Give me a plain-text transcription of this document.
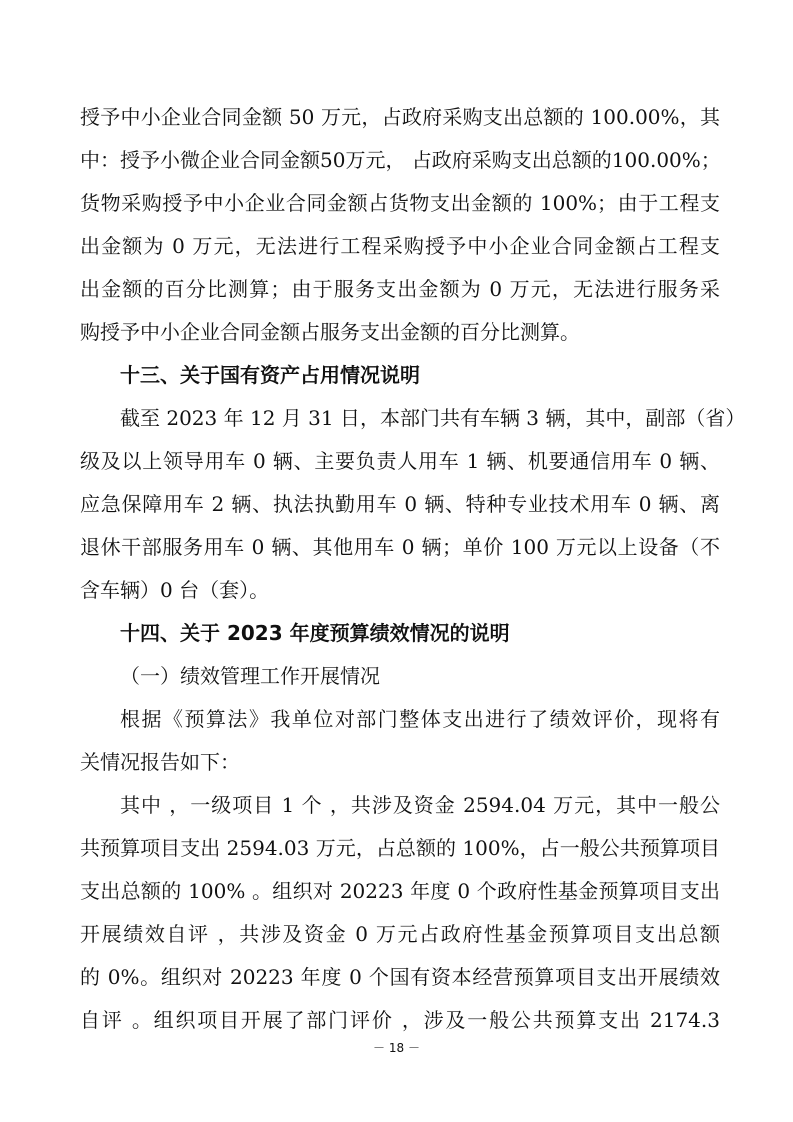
授予中小企业合同金额 50 万元，占政府采购支出总额的 100.00%，其
中：授予小微企业合同金额50万元， 占政府采购支出总额的100.00%；
货物采购授予中小企业合同金额占货物支出金额的 100%；由于工程支
出金额为 0 万元，无法进行工程采购授予中小企业合同金额占工程支
出金额的百分比测算；由于服务支出金额为 0 万元，无法进行服务采
购授予中小企业合同金额占服务支出金额的百分比测算。
十三、关于国有资产占用情况说明
截至 2023 年 12 月 31 日，本部门共有车辆 3 辆，其中，副部（省）
级及以上领导用车 0 辆、主要负责人用车 1 辆、机要通信用车 0 辆、
应急保障用车 2 辆、执法执勤用车 0 辆、特种专业技术用车 0 辆、离
退休干部服务用车 0 辆、其他用车 0 辆；单价 100 万元以上设备（不
含车辆）0 台（套）。
十四、关于 2023 年度预算绩效情况的说明
（一）绩效管理工作开展情况
根据《预算法》我单位对部门整体支出进行了绩效评价，现将有
关情况报告如下：
其中 ，一级项目 1 个 ，共涉及资金 2594.04 万元，其中一般公
共预算项目支出 2594.03 万元，占总额的 100%，占一般公共预算项目
支出总额的 100% 。组织对 20223 年度 0 个政府性基金预算项目支出
开展绩效自评 ，共涉及资金 0 万元占政府性基金预算项目支出总额
的 0%。组织对 20223 年度 0 个国有资本经营预算项目支出开展绩效
自评 。组织项目开展了部门评价 ，涉及一般公共预算支出 2174.3
－ 18 －
